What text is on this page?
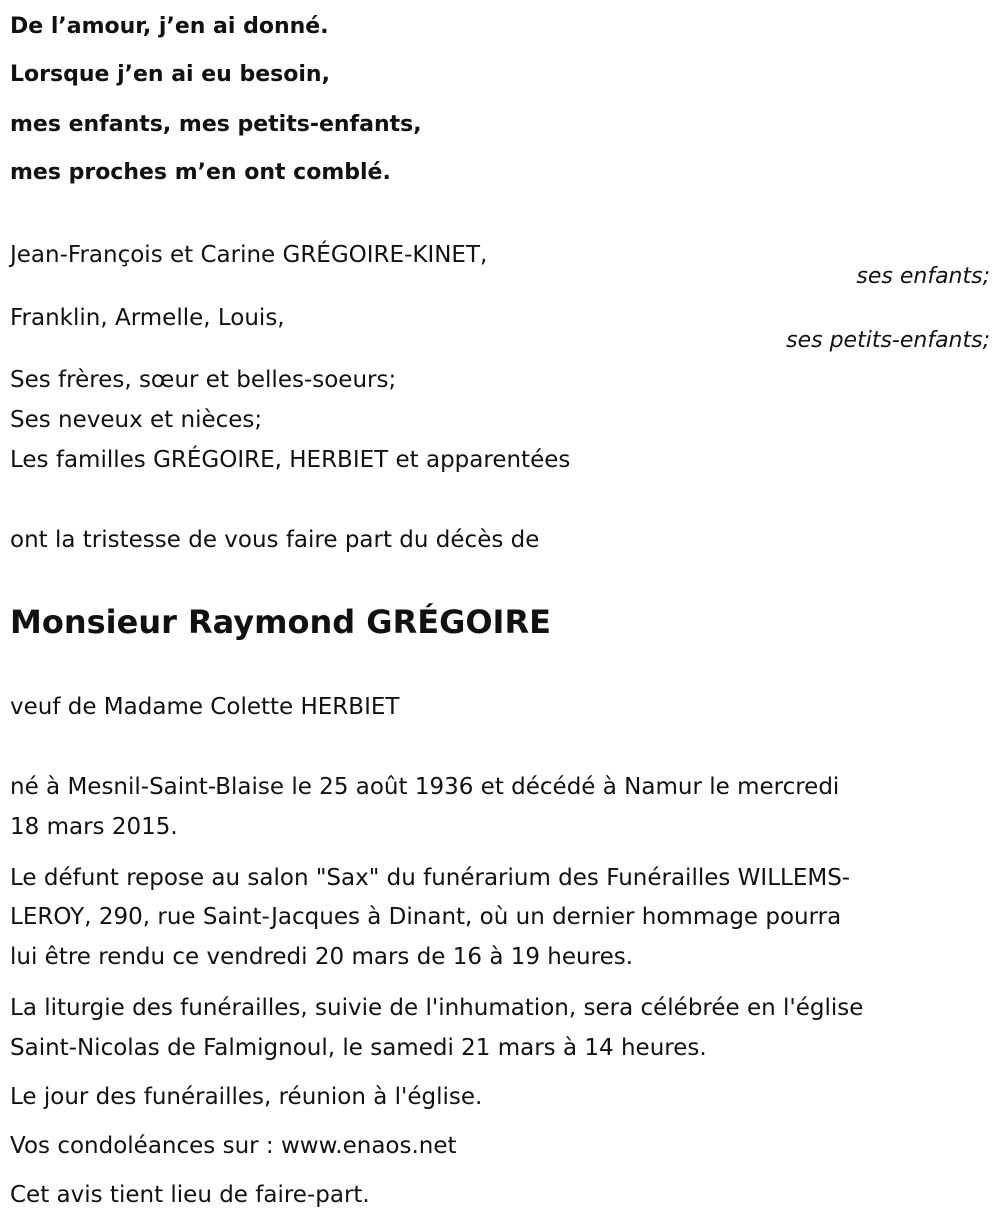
De l’amour, j’en ai donné.
Lorsque j’en ai eu besoin,
mes enfants, mes petits-enfants,
mes proches m’en ont comblé.
Jean-François et Carine GRÉGOIRE-KINET,
ses enfants;
Franklin, Armelle, Louis,
ses petits-enfants;
Ses frères, sœur et belles-soeurs;
Ses neveux et nièces;
Les familles GRÉGOIRE, HERBIET et apparentées
ont la tristesse de vous faire part du décès de
Monsieur Raymond GRÉGOIRE
veuf de Madame Colette HERBIET
né à Mesnil-Saint-Blaise le 25 août 1936 et décédé à Namur le mercredi
18 mars 2015.
Le défunt repose au salon "Sax" du funérarium des Funérailles WILLEMS-
LEROY, 290, rue Saint-Jacques à Dinant, où un dernier hommage pourra
lui être rendu ce vendredi 20 mars de 16 à 19 heures.
La liturgie des funérailles, suivie de l'inhumation, sera célébrée en l'église
Saint-Nicolas de Falmignoul, le samedi 21 mars à 14 heures.
Le jour des funérailles, réunion à l'église.
Vos condoléances sur : www.enaos.net
Cet avis tient lieu de faire-part.
